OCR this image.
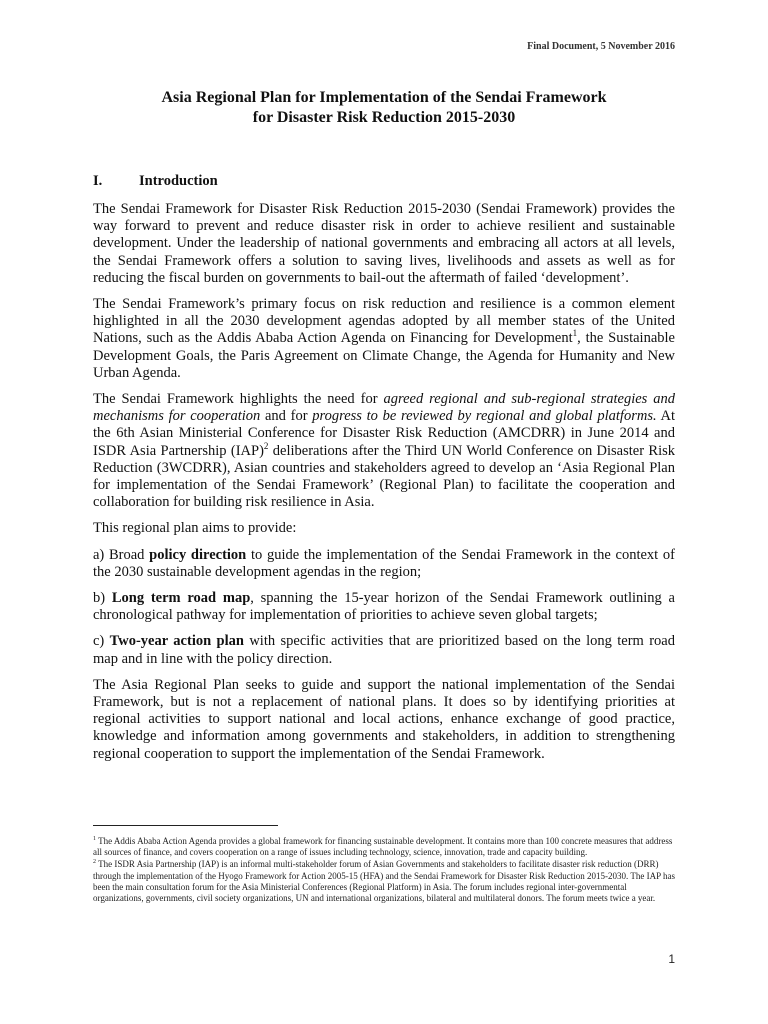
Final Document, 5 November 2016
Asia Regional Plan for Implementation of the Sendai Framework
for Disaster Risk Reduction 2015-2030
I.	Introduction

The Sendai Framework for Disaster Risk Reduction 2015-2030 (Sendai Framework) provides the way forward to prevent and reduce disaster risk in order to achieve resilient and sustainable development. Under the leadership of national governments and embracing all actors at all levels, the Sendai Framework offers a solution to saving lives, livelihoods and assets as well as for reducing the fiscal burden on governments to bail-out the aftermath of failed ‘development’.

The Sendai Framework’s primary focus on risk reduction and resilience is a common element highlighted in all the 2030 development agendas adopted by all member states of the United Nations, such as the Addis Ababa Action Agenda on Financing for Development$^1$, the Sustainable Development Goals, the Paris Agreement on Climate Change, the Agenda for Humanity and New Urban Agenda.

The Sendai Framework highlights the need for agreed regional and sub-regional strategies and mechanisms for cooperation and for progress to be reviewed by regional and global platforms. At the 6th Asian Ministerial Conference for Disaster Risk Reduction (AMCDRR) in June 2014 and ISDR Asia Partnership (IAP)$^2$ deliberations after the Third UN World Conference on Disaster Risk Reduction (3WCDRR), Asian countries and stakeholders agreed to develop an ‘Asia Regional Plan for implementation of the Sendai Framework’ (Regional Plan) to facilitate the cooperation and collaboration for building risk resilience in Asia.

This regional plan aims to provide:

a) Broad policy direction to guide the implementation of the Sendai Framework in the context of the 2030 sustainable development agendas in the region;

b) Long term road map, spanning the 15-year horizon of the Sendai Framework outlining a chronological pathway for implementation of priorities to achieve seven global targets;

c) Two-year action plan with specific activities that are prioritized based on the long term road map and in line with the policy direction.

The Asia Regional Plan seeks to guide and support the national implementation of the Sendai Framework, but is not a replacement of national plans. It does so by identifying priorities at regional activities to support national and local actions, enhance exchange of good practice, knowledge and information among governments and stakeholders, in addition to strengthening regional cooperation to support the implementation of the Sendai Framework.

$^1$ The Addis Ababa Action Agenda provides a global framework for financing sustainable development. It contains more than 100 concrete measures that address all sources of finance, and covers cooperation on a range of issues including technology, science, innovation, trade and capacity building.

$^2$ The ISDR Asia Partnership (IAP) is an informal multi-stakeholder forum of Asian Governments and stakeholders to facilitate disaster risk reduction (DRR) through the implementation of the Hyogo Framework for Action 2005-15 (HFA) and the Sendai Framework for Disaster Risk Reduction 2015-2030. The IAP has been the main consultation forum for the Asia Ministerial Conferences (Regional Platform) in Asia. The forum includes regional inter-governmental organizations, governments, civil society organizations, UN and international organizations, bilateral and multilateral donors. The forum meets twice a year.

1
